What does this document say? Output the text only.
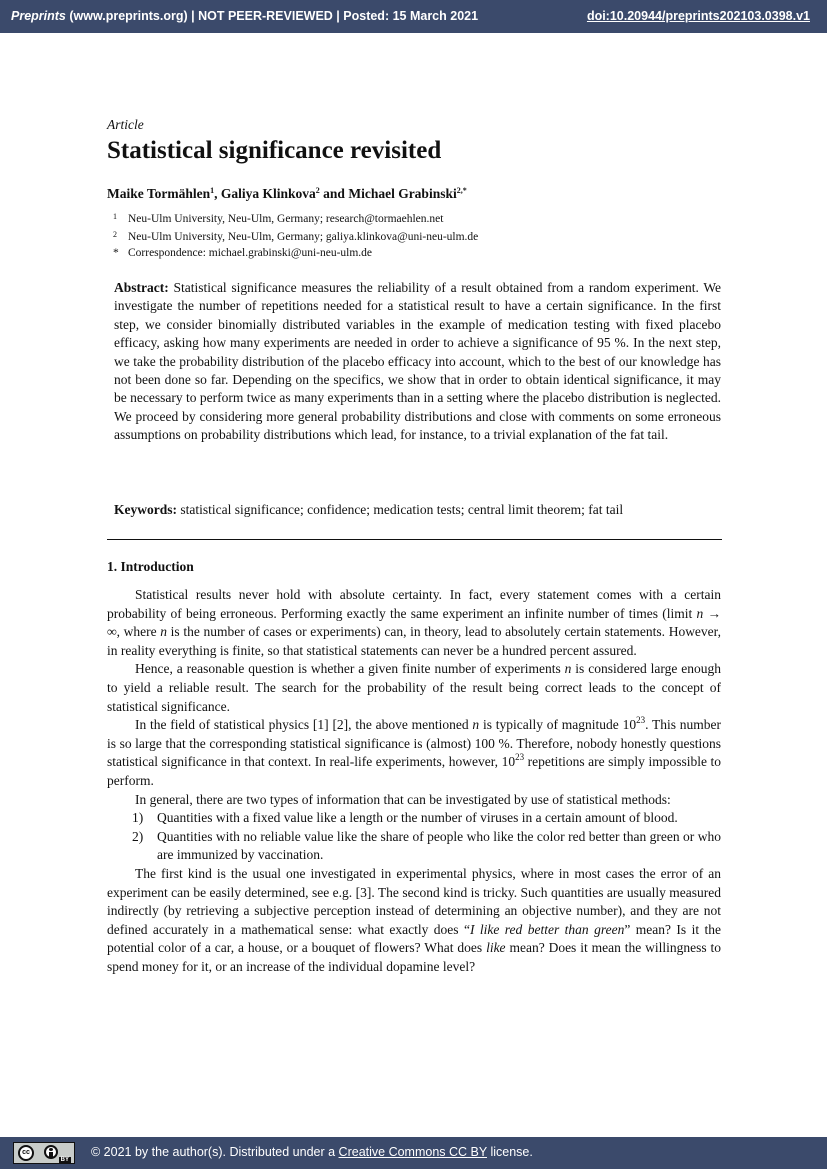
Preprints (www.preprints.org) | NOT PEER-REVIEWED | Posted: 15 March 2021	doi:10.20944/preprints202103.0398.v1
Article
Statistical significance revisited
Maike Tormählen$^1$, Galiya Klinkova$^2$ and Michael Grabinski$^{2,*}$
1 Neu-Ulm University, Neu-Ulm, Germany; research@tormaehlen.net
2 Neu-Ulm University, Neu-Ulm, Germany; galiya.klinkova@uni-neu-ulm.de
* Correspondence: michael.grabinski@uni-neu-ulm.de

Abstract: Statistical significance measures the reliability of a result obtained from a random experiment. We investigate the number of repetitions needed for a statistical result to have a certain significance. In the first step, we consider binomially distributed variables in the example of medication testing with fixed placebo efficacy, asking how many experiments are needed in order to achieve a significance of 95 %. In the next step, we take the probability distribution of the placebo efficacy into account, which to the best of our knowledge has not been done so far. Depending on the specifics, we show that in order to obtain identical significance, it may be necessary to perform twice as many experiments than in a setting where the placebo distribution is neglected. We proceed by considering more general probability distributions and close with comments on some erroneous assumptions on probability distributions which lead, for instance, to a trivial explanation of the fat tail.

Keywords: statistical significance; confidence; medication tests; central limit theorem; fat tail

1. Introduction

Statistical results never hold with absolute certainty. In fact, every statement comes with a certain probability of being erroneous. Performing exactly the same experiment an infinite number of times (limit n → ∞, where n is the number of cases or experiments) can, in theory, lead to absolutely certain statements. However, in reality everything is finite, so that statistical statements can never be a hundred percent assured.

Hence, a reasonable question is whether a given finite number of experiments n is considered large enough to yield a reliable result. The search for the probability of the result being correct leads to the concept of statistical significance.

In the field of statistical physics [1] [2], the above mentioned n is typically of magnitude $10^{23}$. This number is so large that the corresponding statistical significance is (almost) 100 %. Therefore, nobody honestly questions statistical significance in that context. In real-life experiments, however, $10^{23}$ repetitions are simply impossible to perform.

In general, there are two types of information that can be investigated by use of statistical methods:

1) Quantities with a fixed value like a length or the number of viruses in a certain amount of blood.
2) Quantities with no reliable value like the share of people who like the color red better than green or who are immunized by vaccination.

The first kind is the usual one investigated in experimental physics, where in most cases the error of an experiment can be easily determined, see e.g. [3]. The second kind is tricky. Such quantities are usually measured indirectly (by retrieving a subjective perception instead of determining an objective number), and they are not defined accurately in a mathematical sense: what exactly does “I like red better than green” mean? Is it the potential color of a car, a house, or a bouquet of flowers? What does like mean? Does it mean the willingness to spend money for it, or an increase of the individual dopamine level?

cc
BY
© 2021 by the author(s). Distributed under a Creative Commons CC BY license.
